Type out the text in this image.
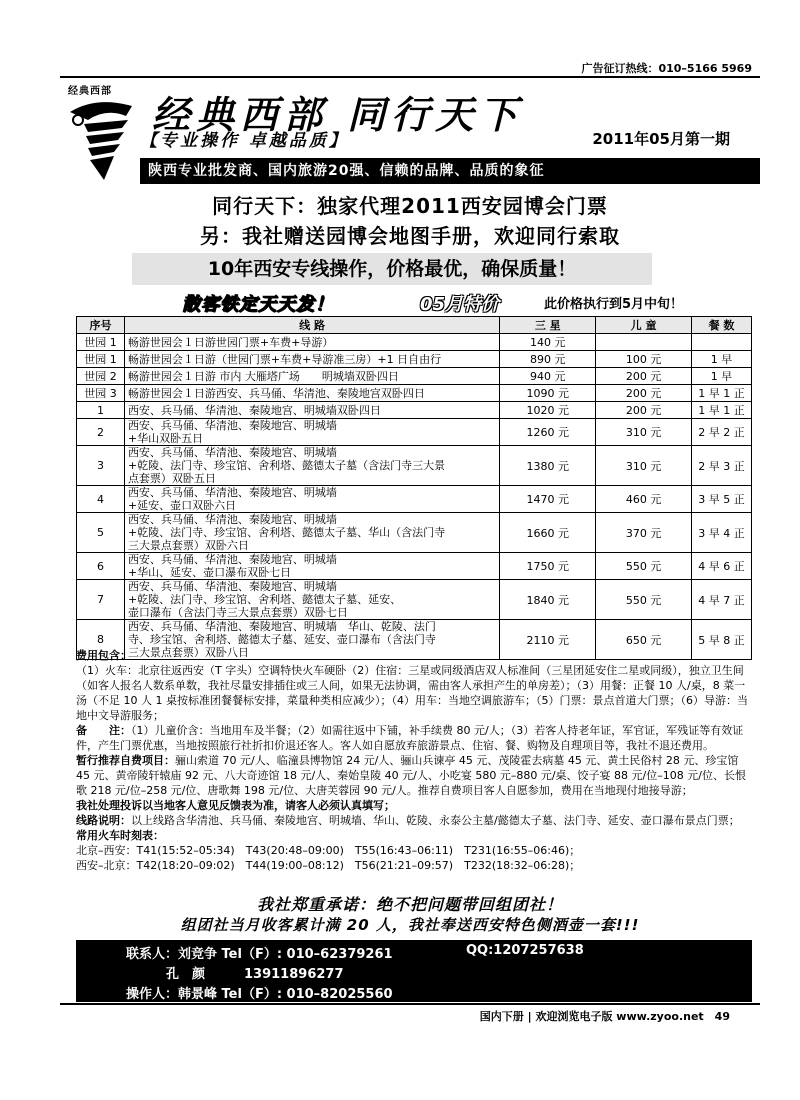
广告征订热线：010–5166 5969
经典西部
经典西部 同行天下
【专业操作 卓越品质】	2011年05月第一期
陕西专业批发商、国内旅游20强、信赖的品牌、品质的象征
同行天下：独家代理2011西安园博会门票
另：我社赠送园博会地图手册，欢迎同行索取
10年西安专线操作，价格最优，确保质量！
散客铁定天天发！	05月特价	此价格执行到5月中旬！
序号	线 路	三 星	儿 童	餐 数
世园 1	畅游世园会１日游世园门票+车费+导游）	140 元		
世园 1	畅游世园会１日游（世园门票+车费+导游准三房）+1 日自由行	890 元	100 元	1 早
世园 2	畅游世园会１日游 市内 大雁塔广场　　明城墙双卧四日	940 元	200 元	1 早
世园 3	畅游世园会１日游西安、兵马俑、华清池、秦陵地宫双卧四日	1090 元	200 元	1 早 1 正
1	西安、兵马俑、华清池、秦陵地宫、明城墙双卧四日	1020 元	200 元	1 早 1 正
2	西安、兵马俑、华清池、秦陵地宫、明城墙
+华山双卧五日	1260 元	310 元	2 早 2 正
3	西安、兵马俑、华清池、秦陵地宫、明城墙
+乾陵、法门寺、珍宝馆、舍利塔、懿德太子墓（含法门寺三大景
点套票）双卧五日	1380 元	310 元	2 早 3 正
4	西安、兵马俑、华清池、秦陵地宫、明城墙
+延安、壶口双卧六日	1470 元	460 元	3 早 5 正
5	西安、兵马俑、华清池、秦陵地宫、明城墙
+乾陵、法门寺、珍宝馆、舍利塔、懿德太子墓、华山（含法门寺
三大景点套票）双卧六日	1660 元	370 元	3 早 4 正
6	西安、兵马俑、华清池、秦陵地宫、明城墙
+华山、延安、壶口瀑布双卧七日	1750 元	550 元	4 早 6 正
7	西安、兵马俑、华清池、秦陵地宫、明城墙
+乾陵、法门寺、珍宝馆、舍利塔、懿德太子墓、延安、
壶口瀑布（含法门寺三大景点套票）双卧七日	1840 元	550 元	4 早 7 正
8	西安、兵马俑、华清池、秦陵地宫、明城墙　华山、乾陵、法门
寺、珍宝馆、舍利塔、懿德太子墓、延安、壶口瀑布（含法门寺
三大景点套票）双卧八日	2110 元	650 元	5 早 8 正

费用包含：
（1）火车：北京往返西安（T 字头）空调特快火车硬卧（2）住宿：三星或同级酒店双人标准间（三星团延安住二星或同级），独立卫生间（如客人报名人数系单数，我社尽量安排插住或三人间，如果无法协调，需由客人承担产生的单房差）；（3）用餐：正餐 10 人/桌，8 菜一汤（不足 10 人 1 桌按标准团餐餐标安排，菜量种类相应减少）；（4）用车：当地空调旅游车；（5）门票：景点首道大门票；（6）导游：当地中文导游服务；

备　　注：（1）儿童价含：当地用车及半餐；（2）如需往返中下铺，补手续费 80 元/人；（3）若客人持老年证，军官证，军残证等有效证件，产生门票优惠，当地按照旅行社折扣价退还客人。客人如自愿放弃旅游景点、住宿、餐、购物及自理项目等，我社不退还费用。

暂行推荐自费项目：骊山索道 70 元/人、临潼县博物馆 24 元/人、骊山兵谏亭 45 元、茂陵霍去病墓 45 元、黄土民俗村 28 元、珍宝馆 45 元、黄帝陵轩辕庙 92 元、八大奇迹馆 18 元/人、秦始皇陵 40 元/人、小吃宴 580 元–880 元/桌、饺子宴 88 元/位–108 元/位、长恨歌 218 元/位–258 元/位、唐歌舞 198 元/位、大唐芙蓉园 90 元/人。推荐自费项目客人自愿参加，费用在当地现付地接导游；

我社处理投诉以当地客人意见反馈表为准，请客人必须认真填写；

线路说明：以上线路含华清池、兵马俑、秦陵地宫、明城墙、华山、乾陵、永泰公主墓/懿德太子墓、法门寺、延安、壶口瀑布景点门票；

常用火车时刻表：

北京–西安：T41(15:52–05:34)　T43(20:48–09:00)　T55(16:43–06:11)　T231(16:55–06:46)；

西安–北京：T42(18:20–09:02)　T44(19:00–08:12)　T56(21:21–09:57)　T232(18:32–06:28)；

我社郑重承诺：绝不把问题带回组团社！
组团社当月收客累计满 20 人，我社奉送西安特色侧酒壶一套!!!
联系人：刘竞争 Tel（F）: 010–62379261	QQ:1207257638
孔　颜　　　13911896277
操作人：韩景峰 Tel（F）: 010–82025560
国内下册 | 欢迎浏览电子版 www.zyoo.net　49
